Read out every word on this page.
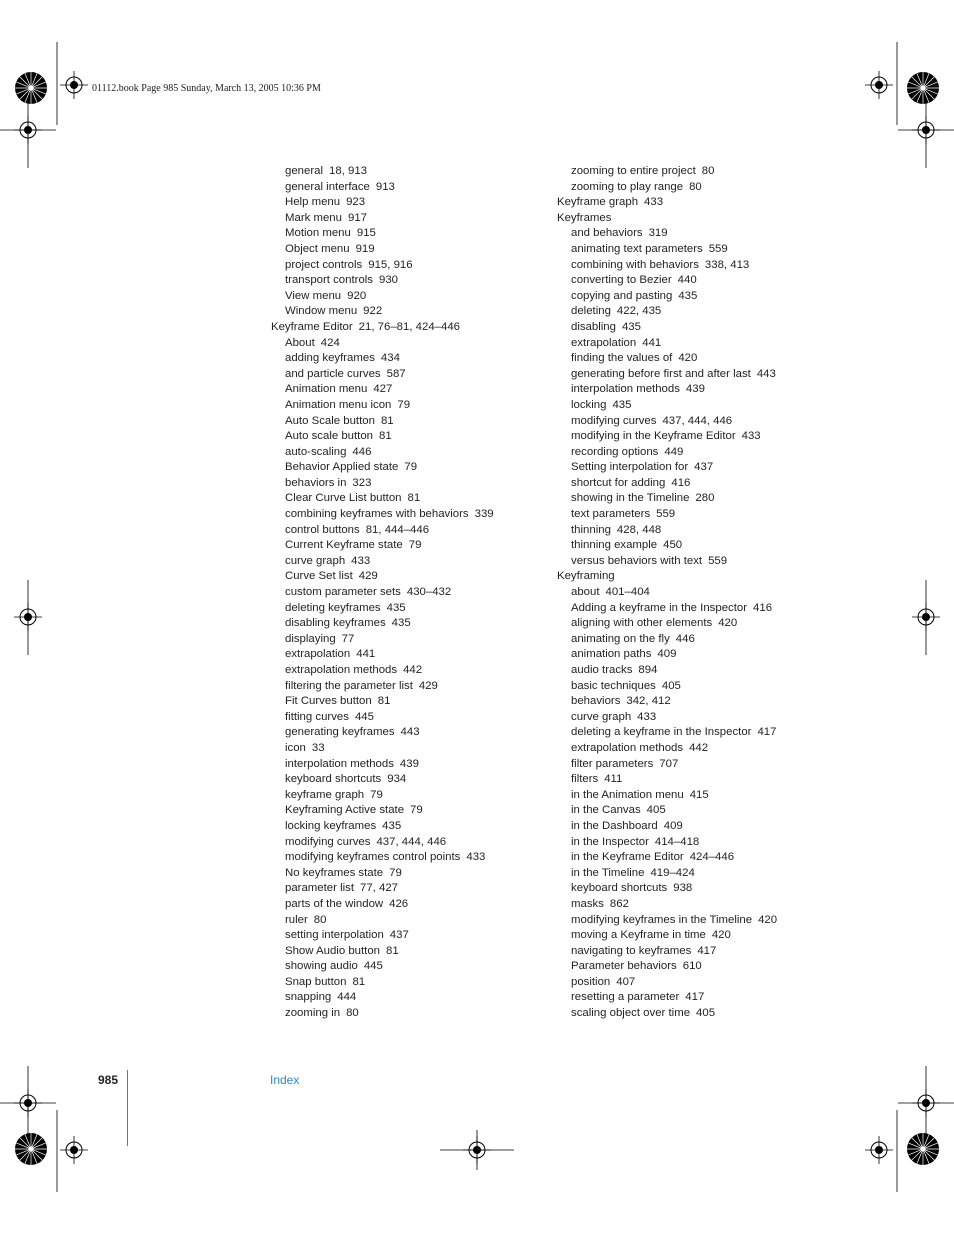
01112.book Page 985 Sunday, March 13, 2005 10:36 PM
general 18, 913
general interface 913
Help menu 923
Mark menu 917
Motion menu 915
Object menu 919
project controls 915, 916
transport controls 930
View menu 920
Window menu 922
Keyframe Editor 21, 76–81, 424–446
About 424
adding keyframes 434
and particle curves 587
Animation menu 427
Animation menu icon 79
Auto Scale button 81
Auto scale button 81
auto-scaling 446
Behavior Applied state 79
behaviors in 323
Clear Curve List button 81
combining keyframes with behaviors 339
control buttons 81, 444–446
Current Keyframe state 79
curve graph 433
Curve Set list 429
custom parameter sets 430–432
deleting keyframes 435
disabling keyframes 435
displaying 77
extrapolation 441
extrapolation methods 442
filtering the parameter list 429
Fit Curves button 81
fitting curves 445
generating keyframes 443
icon 33
interpolation methods 439
keyboard shortcuts 934
keyframe graph 79
Keyframing Active state 79
locking keyframes 435
modifying curves 437, 444, 446
modifying keyframes control points 433
No keyframes state 79
parameter list 77, 427
parts of the window 426
ruler 80
setting interpolation 437
Show Audio button 81
showing audio 445
Snap button 81
snapping 444
zooming in 80
zooming to entire project 80
zooming to play range 80
Keyframe graph 433
Keyframes
and behaviors 319
animating text parameters 559
combining with behaviors 338, 413
converting to Bezier 440
copying and pasting 435
deleting 422, 435
disabling 435
extrapolation 441
finding the values of 420
generating before first and after last 443
interpolation methods 439
locking 435
modifying curves 437, 444, 446
modifying in the Keyframe Editor 433
recording options 449
Setting interpolation for 437
shortcut for adding 416
showing in the Timeline 280
text parameters 559
thinning 428, 448
thinning example 450
versus behaviors with text 559
Keyframing
about 401–404
Adding a keyframe in the Inspector 416
aligning with other elements 420
animating on the fly 446
animation paths 409
audio tracks 894
basic techniques 405
behaviors 342, 412
curve graph 433
deleting a keyframe in the Inspector 417
extrapolation methods 442
filter parameters 707
filters 411
in the Animation menu 415
in the Canvas 405
in the Dashboard 409
in the Inspector 414–418
in the Keyframe Editor 424–446
in the Timeline 419–424
keyboard shortcuts 938
masks 862
modifying keyframes in the Timeline 420
moving a Keyframe in time 420
navigating to keyframes 417
Parameter behaviors 610
position 407
resetting a parameter 417
scaling object over time 405
985	Index
